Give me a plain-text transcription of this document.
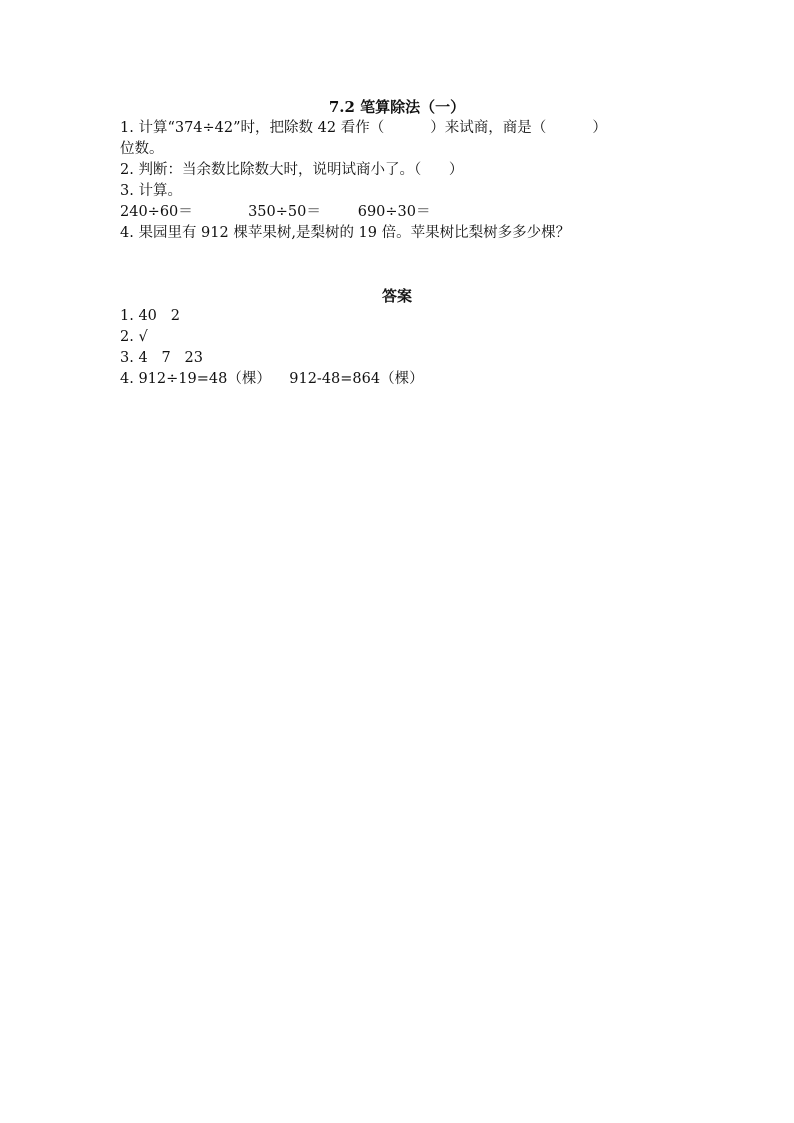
7.2 笔算除法（一）
1. 计算“374÷42”时，把除数 42 看作（          ）来试商，商是（          ）
位数。
2. 判断：当余数比除数大时，说明试商小了。（      ）
3. 计算。
240÷60＝            350÷50＝        690÷30＝
4. 果园里有 912 棵苹果树,是梨树的 19 倍。苹果树比梨树多多少棵？
答案
1. 40   2
2. √
3. 4   7   23
4. 912÷19=48（棵）    912-48=864（棵）
